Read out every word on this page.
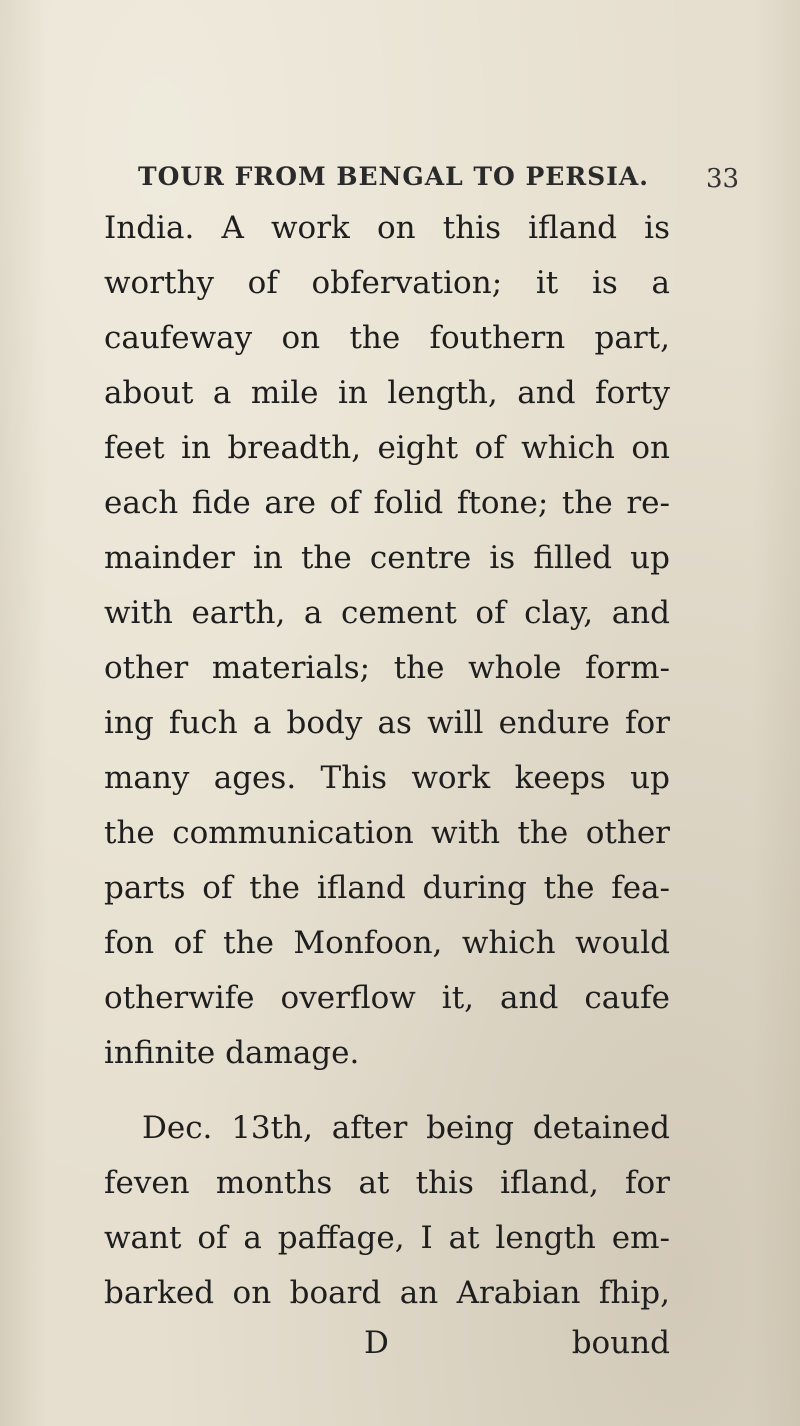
TOUR FROM BENGAL TO PERSIA. 33
India. A work on this ifland is
worthy of obfervation; it is a
caufeway on the fouthern part,
about a mile in length, and forty
feet in breadth, eight of which on
each fide are of folid ftone; the re-
mainder in the centre is filled up
with earth, a cement of clay, and
other materials; the whole form-
ing fuch a body as will endure for
many ages. This work keeps up
the communication with the other
parts of the ifland during the fea-
fon of the Monfoon, which would
otherwife overflow it, and caufe
infinite damage.
Dec. 13th, after being detained
feven months at this ifland, for
want of a paffage, I at length em-
barked on board an Arabian fhip,
D	bound
